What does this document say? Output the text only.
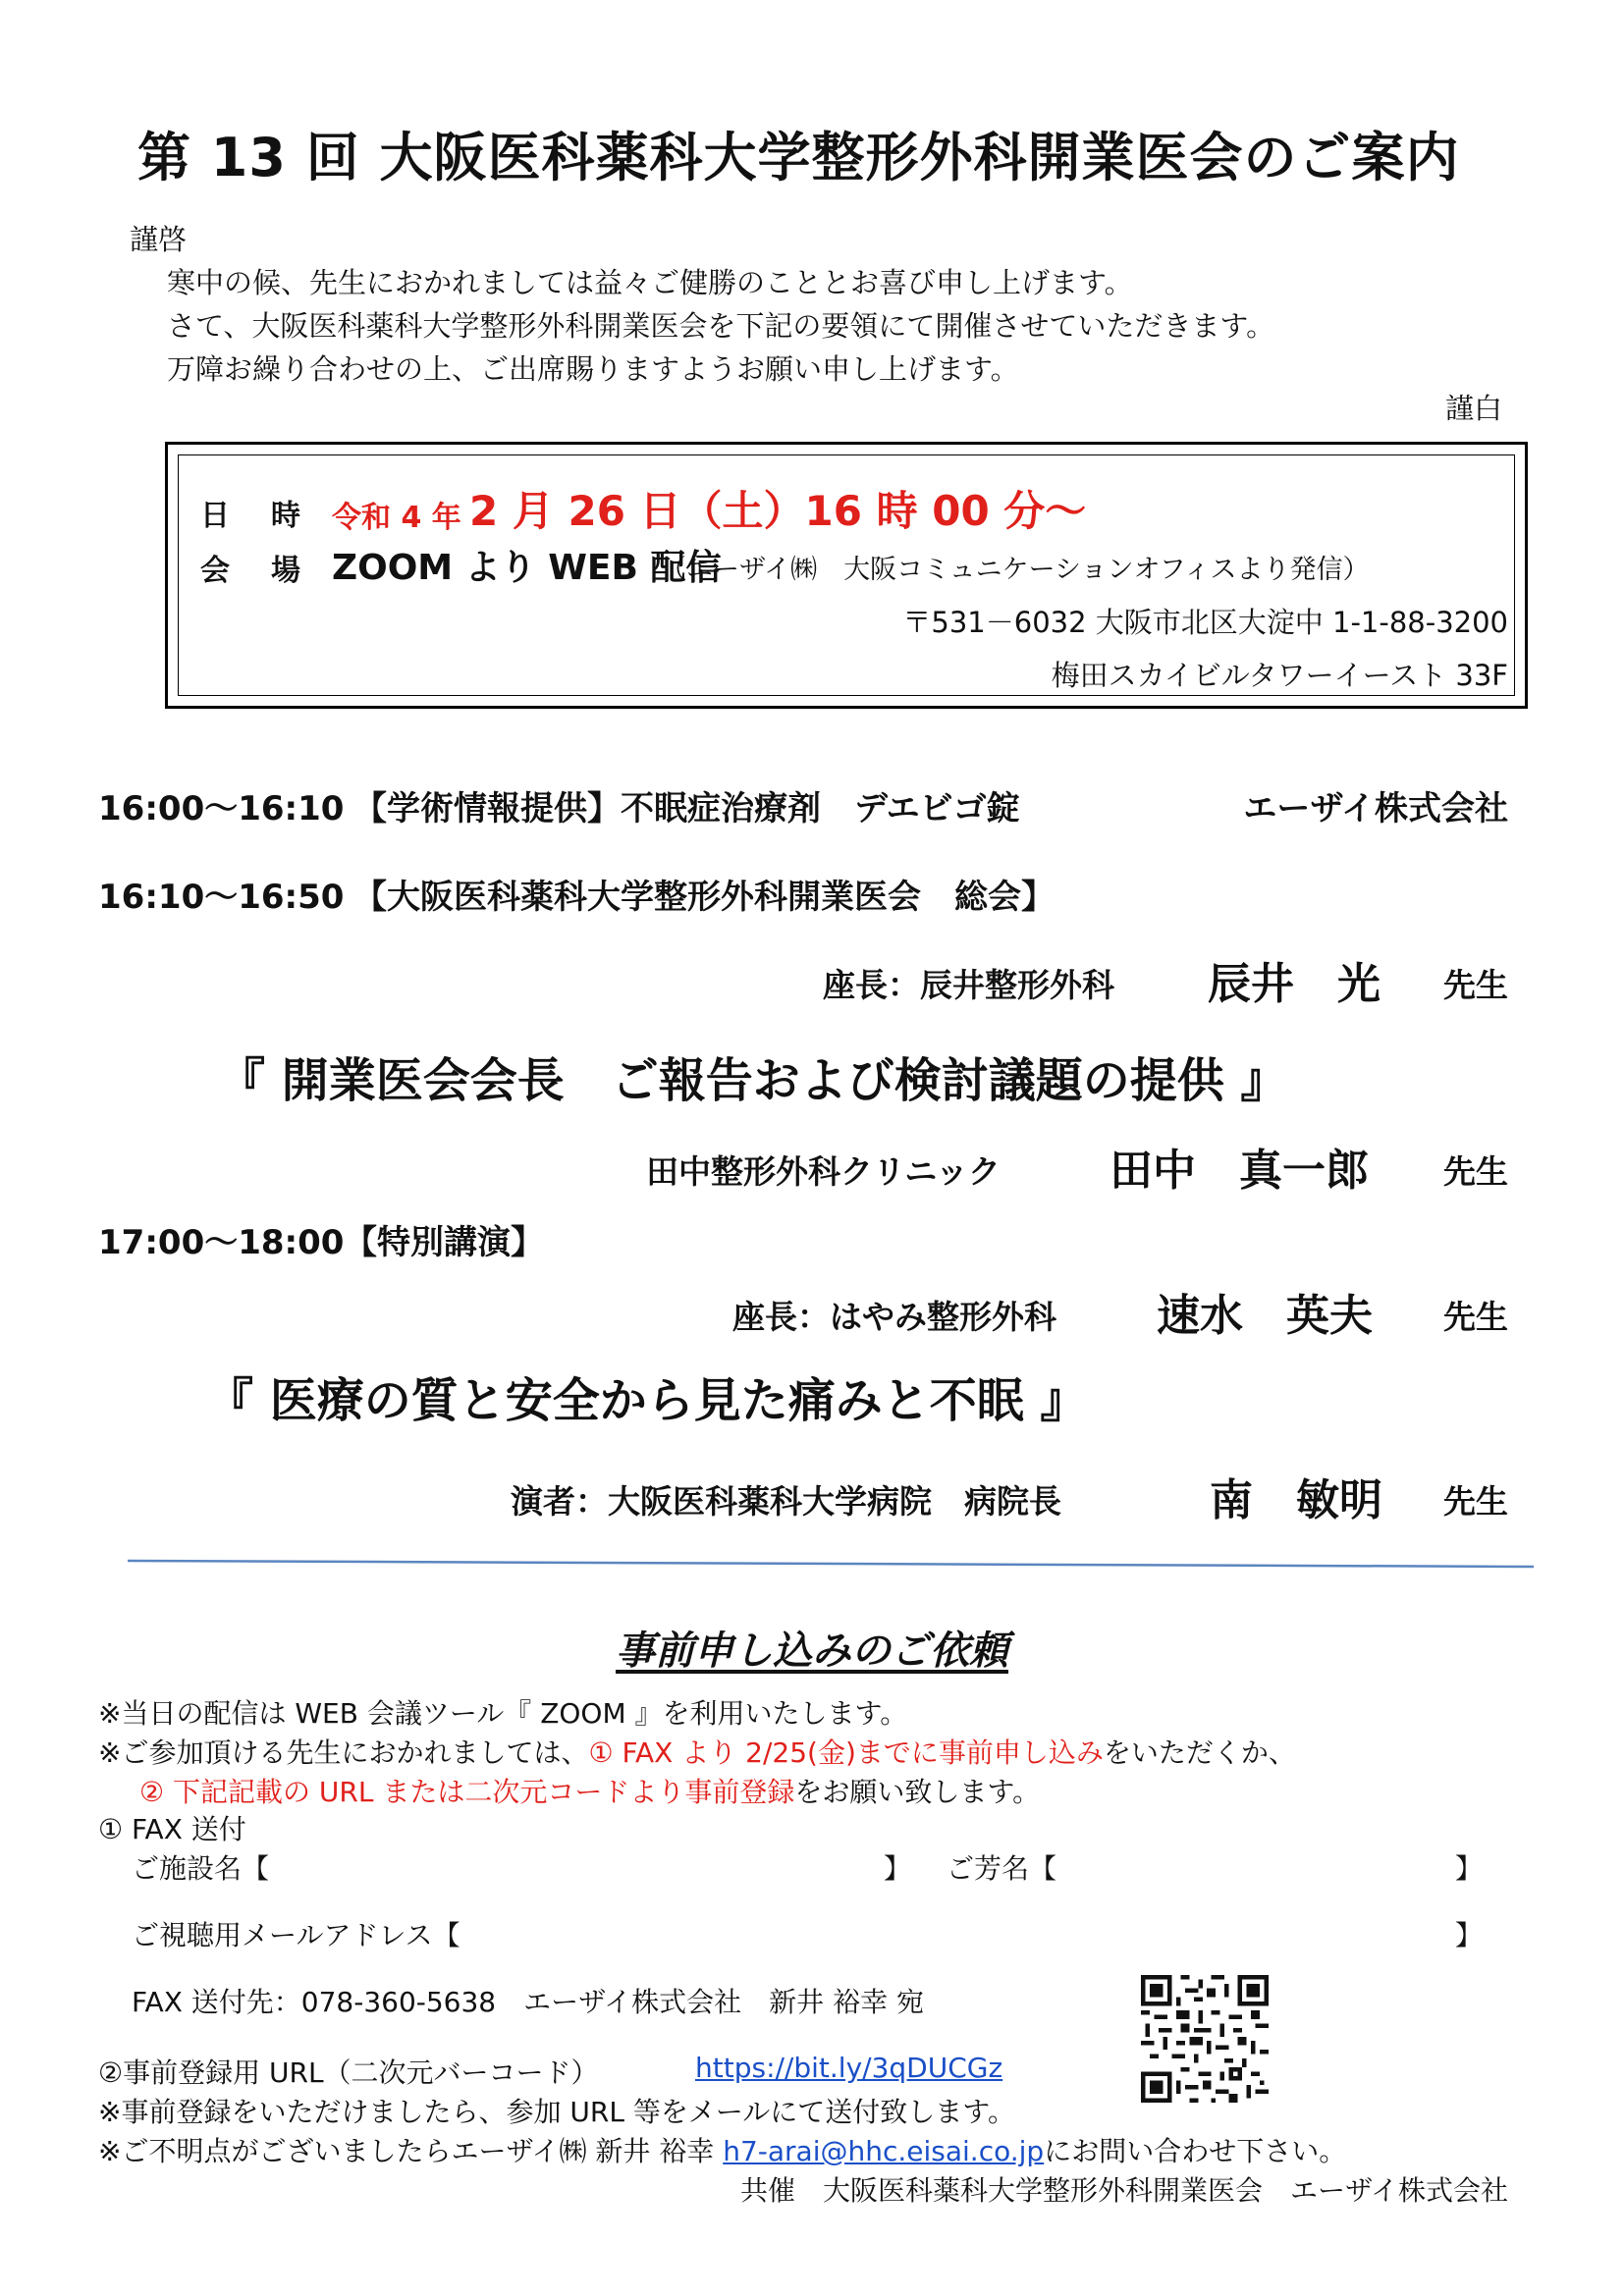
第 13 回 大阪医科薬科大学整形外科開業医会のご案内
謹啓
寒中の候、先生におかれましては益々ご健勝のこととお喜び申し上げます。
さて、大阪医科薬科大学整形外科開業医会を下記の要領にて開催させていただきます。
万障お繰り合わせの上、ご出席賜りますようお願い申し上げます。
謹白
日　時 令和 4 年 2 月 26 日（土）16 時 00 分～
会　場 ZOOM より WEB 配信
（エーザイ㈱　大阪コミュニケーションオフィスより発信）
〒531－6032 大阪市北区大淀中 1-1-88-3200
梅田スカイビルタワーイースト 33F
16:00～16:10 【学術情報提供】不眠症治療剤　デエビゴ錠	エーザイ株式会社
16:10～16:50 【大阪医科薬科大学整形外科開業医会　総会】
座長：辰井整形外科 辰井　光 先生
『 開業医会会長　ご報告および検討議題の提供 』
田中整形外科クリニック	田中　真一郎 先生
17:00～18:00 【特別講演】
座長：はやみ整形外科 速水　英夫 先生
『 医療の質と安全から見た痛みと不眠 』
演者：大阪医科薬科大学病院　病院長	南　敏明 先生
事前申し込みのご依頼
※当日の配信は WEB 会議ツール『 ZOOM 』を利用いたします。
※ご参加頂ける先生におかれましては、① FAX より 2/25(金)までに事前申し込みをいただくか、
② 下記記載の URL または二次元コードより事前登録をお願い致します。
① FAX 送付
ご施設名【	】 ご芳名【	】
ご視聴用メールアドレス【	】
FAX 送付先：078-360-5638　エーザイ株式会社　新井 裕幸 宛
②事前登録用 URL（二次元バーコード）	https://bit.ly/3qDUCGz
※事前登録をいただけましたら、参加 URL 等をメールにて送付致します。
※ご不明点がございましたらエーザイ㈱ 新井 裕幸 h7-arai@hhc.eisai.co.jpにお問い合わせ下さい。
共催　大阪医科薬科大学整形外科開業医会　エーザイ株式会社
